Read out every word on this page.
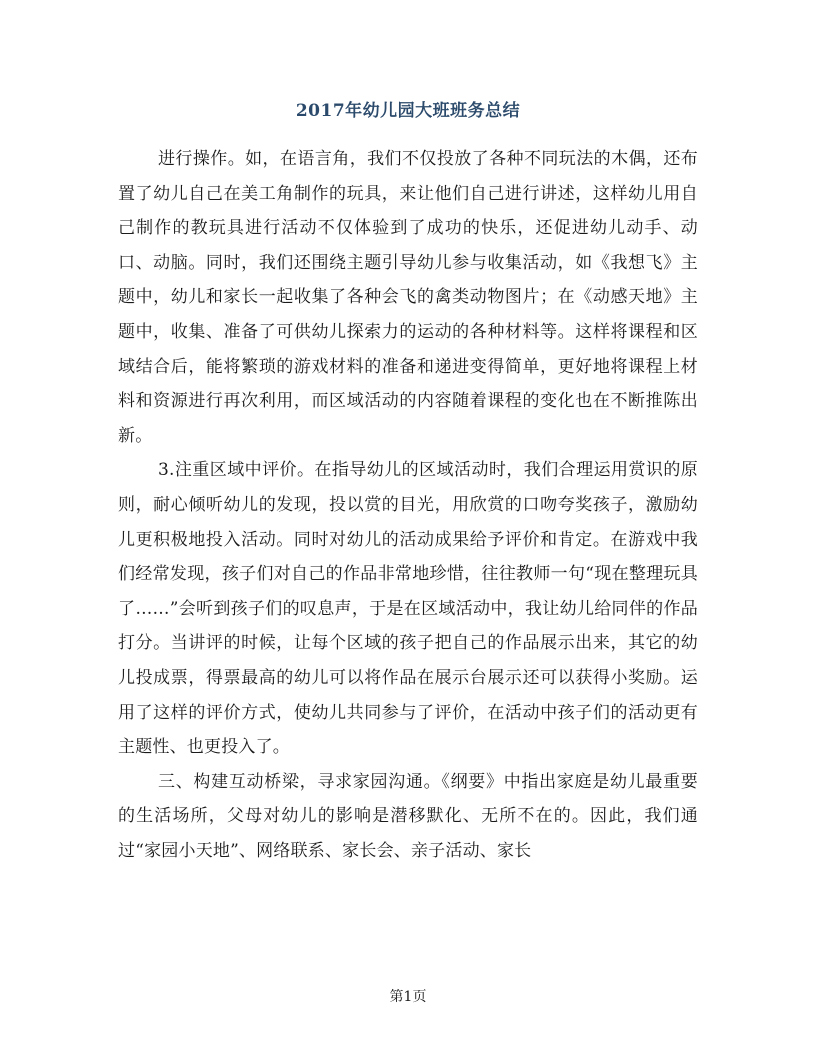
2017年幼儿园大班班务总结

进行操作。如，在语言角，我们不仅投放了各种不同玩法的木偶，还布置了幼儿自己在美工角制作的玩具，来让他们自己进行讲述，这样幼儿用自己制作的教玩具进行活动不仅体验到了成功的快乐，还促进幼儿动手、动口、动脑。同时，我们还围绕主题引导幼儿参与收集活动，如《我想飞》主题中，幼儿和家长一起收集了各种会飞的禽类动物图片；在《动感天地》主题中，收集、准备了可供幼儿探索力的运动的各种材料等。这样将课程和区域结合后，能将繁琐的游戏材料的准备和递进变得简单，更好地将课程上材料和资源进行再次利用，而区域活动的内容随着课程的变化也在不断推陈出新。

3.注重区域中评价。在指导幼儿的区域活动时，我们合理运用赏识的原则，耐心倾听幼儿的发现，投以赏的目光，用欣赏的口吻夸奖孩子，激励幼儿更积极地投入活动。同时对幼儿的活动成果给予评价和肯定。在游戏中我们经常发现，孩子们对自己的作品非常地珍惜，往往教师一句“现在整理玩具了……”会听到孩子们的叹息声，于是在区域活动中，我让幼儿给同伴的作品打分。当讲评的时候，让每个区域的孩子把自己的作品展示出来，其它的幼儿投成票，得票最高的幼儿可以将作品在展示台展示还可以获得小奖励。运用了这样的评价方式，使幼儿共同参与了评价，在活动中孩子们的活动更有主题性、也更投入了。

三、构建互动桥梁，寻求家园沟通。《纲要》中指出家庭是幼儿最重要的生活场所，父母对幼儿的影响是潜移默化、无所不在的。因此，我们通过“家园小天地”、网络联系、家长会、亲子活动、家长

第1页
